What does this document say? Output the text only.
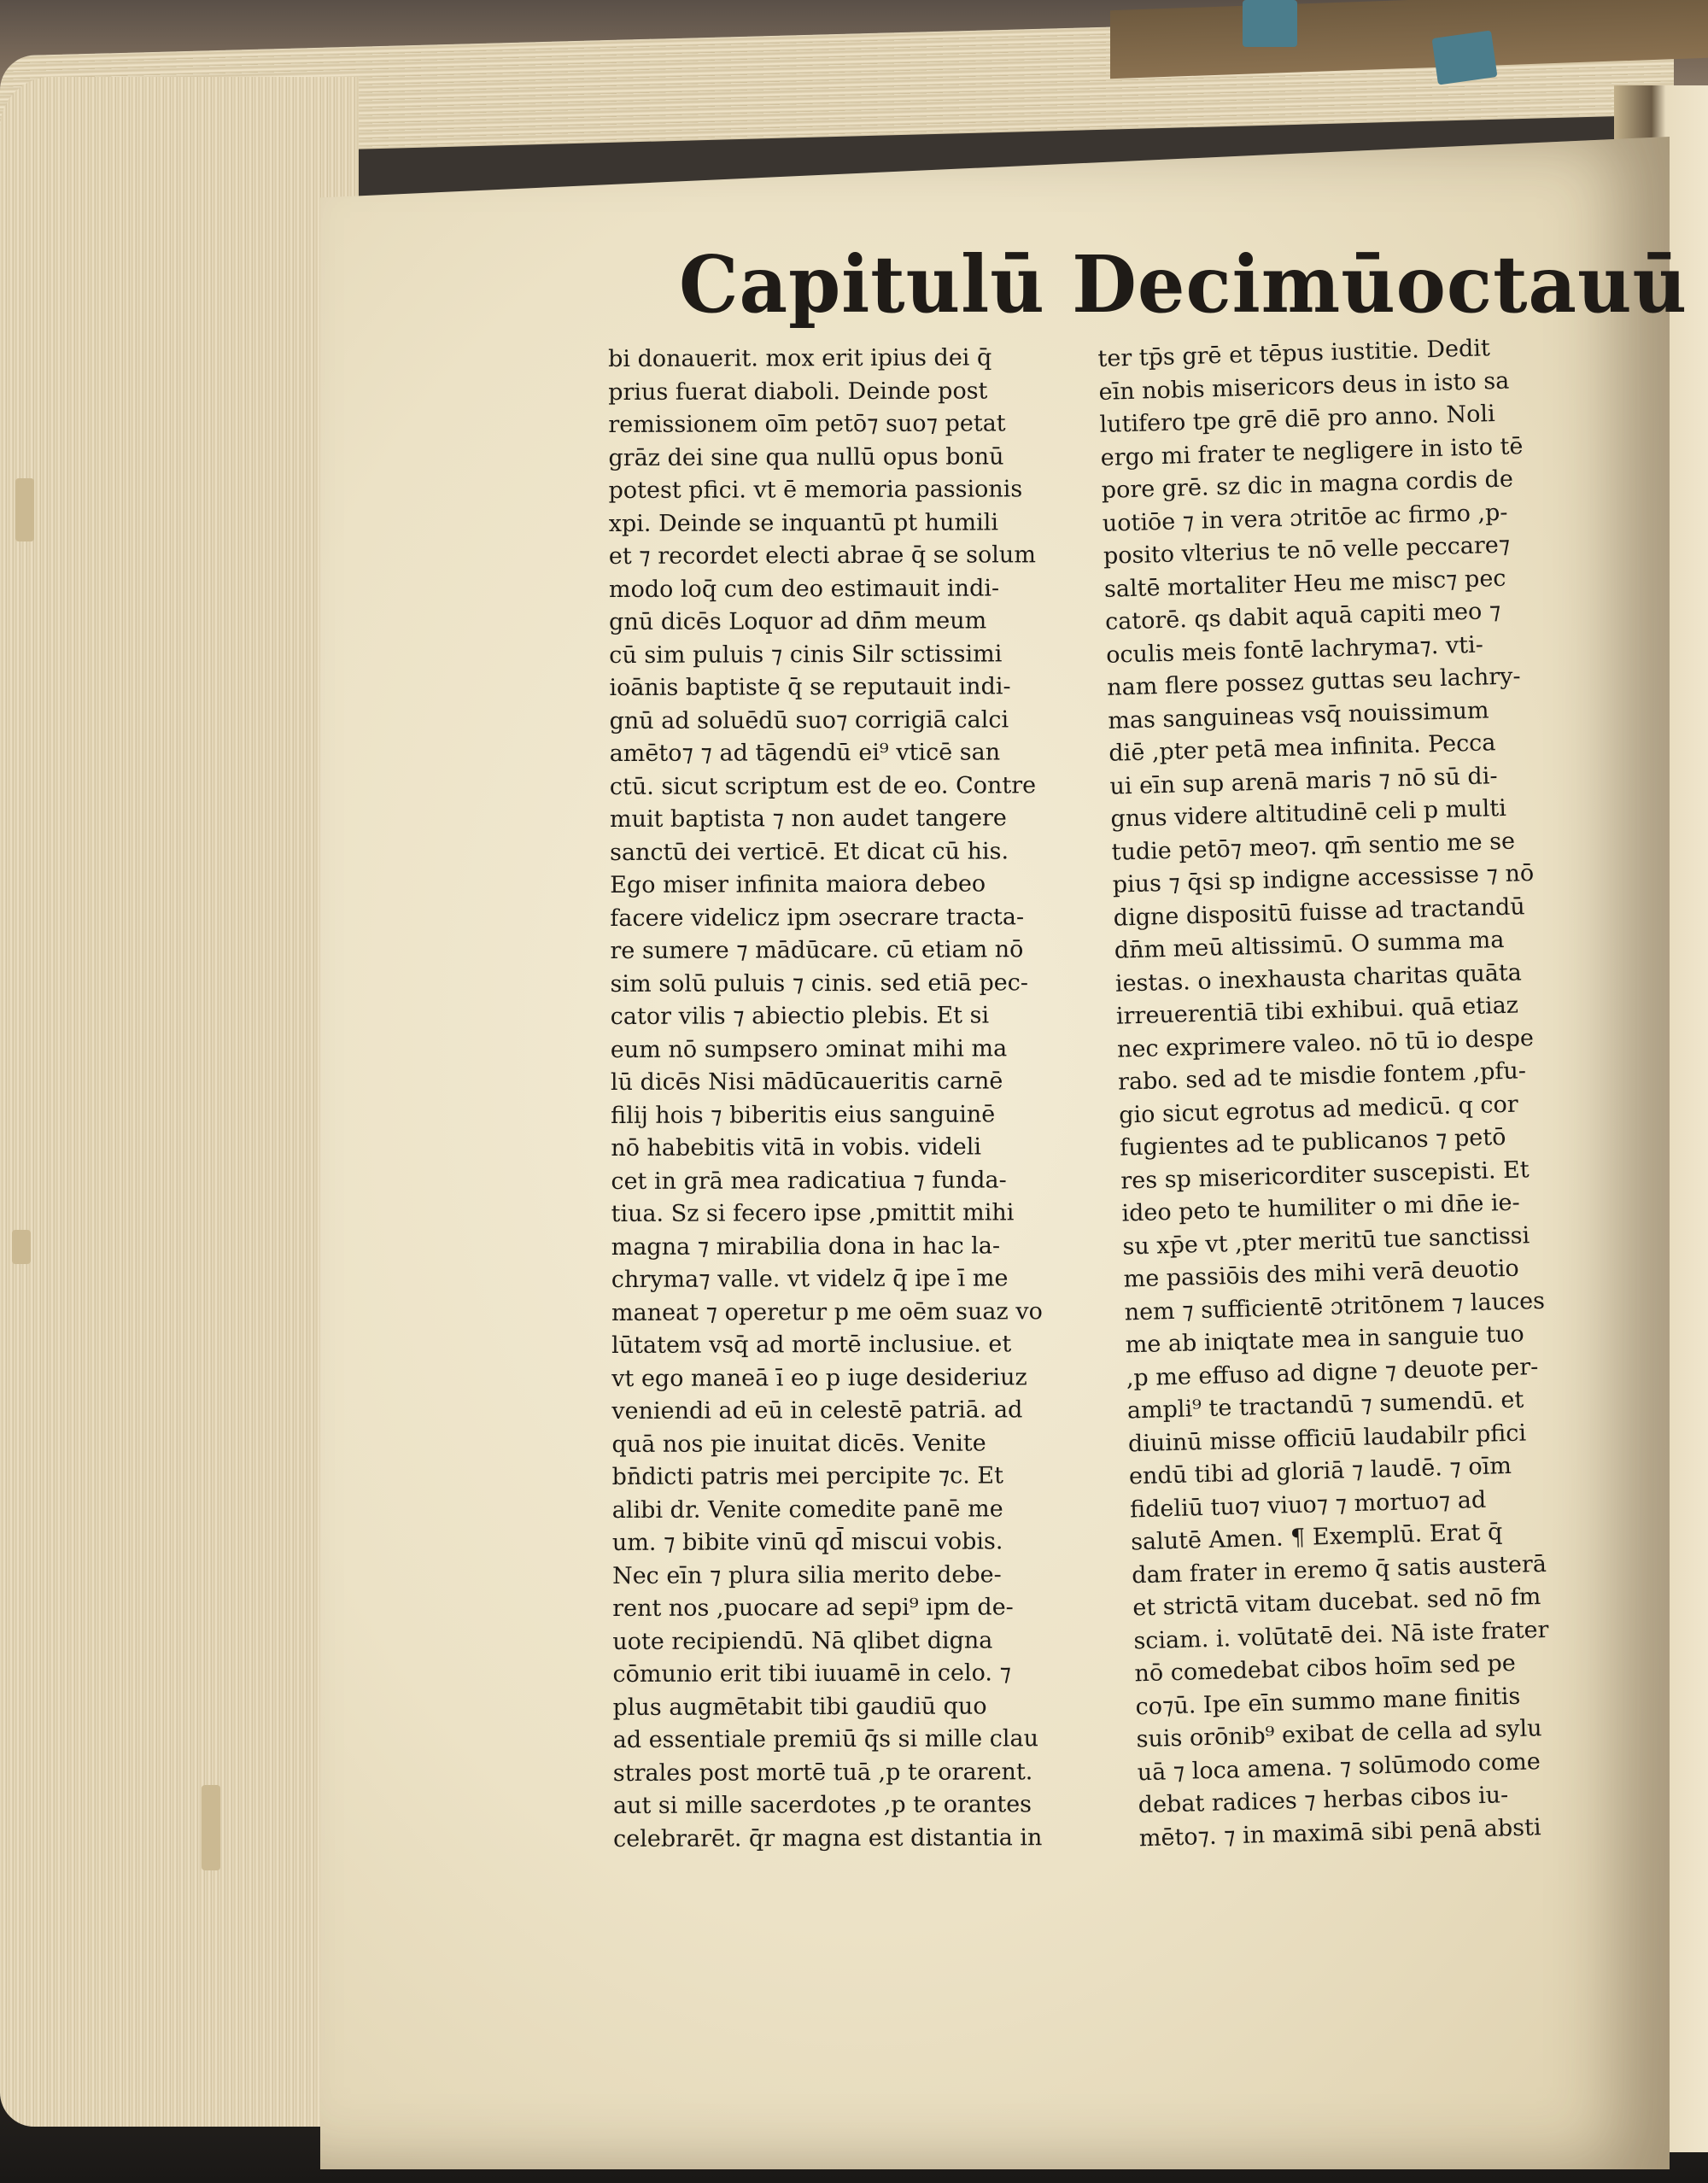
Capitulū Decimūoctauū
bi donauerit. mox erit ipius dei q̄
prius fuerat diaboli. Deinde post
remissionem oīm petō⁊ suo⁊ petat
grāz dei sine qua nullū opus bonū
potest pfici. vt ē memoria passionis
xpi. Deinde se inquantū pt humili
et ⁊ recordet electi abrae q̄ se solum
modo loq̄ cum deo estimauit indi-
gnū dicēs Loquor ad dn̄m meum
cū sim puluis ⁊ cinis Silr sctissimi
ioānis baptiste q̄ se reputauit indi-
gnū ad soluēdū suo⁊ corrigiā calci
amēto⁊ ⁊ ad tāgendū ei⁹ vticē san
ctū. sicut scriptum est de eo. Contre
muit baptista ⁊ non audet tangere
sanctū dei verticē. Et dicat cū his.
Ego miser infinita maiora debeo
facere videlicz ipm ɔsecrare tracta-
re sumere ⁊ mādūcare. cū etiam nō
sim solū puluis ⁊ cinis. sed etiā pec-
cator vilis ⁊ abiectio plebis. Et si
eum nō sumpsero ɔminat mihi ma
lū dicēs Nisi mādūcaueritis carnē
filij hois ⁊ biberitis eius sanguinē
nō habebitis vitā in vobis. videli
cet in grā mea radicatiua ⁊ funda-
tiua. Sz si fecero ipse ,pmittit mihi
magna ⁊ mirabilia dona in hac la-
chryma⁊ valle. vt videlz q̄ ipe ī me
maneat ⁊ operetur p me oēm suaz vo
lūtatem vsq̄ ad mortē inclusiue. et
vt ego maneā ī eo p iuge desideriuz
veniendi ad eū in celestē patriā. ad
quā nos pie inuitat dicēs. Venite
bn̄dicti patris mei percipite ⁊c. Et
alibi dr. Venite comedite panē me
um. ⁊ bibite vinū qd̄ miscui vobis.
Nec eīn ⁊ plura silia merito debe-
rent nos ,puocare ad sepi⁹ ipm de-
uote recipiendū. Nā qlibet digna
cōmunio erit tibi iuuamē in celo. ⁊
plus augmētabit tibi gaudiū quo
ad essentiale premiū q̄s si mille clau
strales post mortē tuā ,p te orarent.
aut si mille sacerdotes ,p te orantes
celebrarēt. q̄r magna est distantia in
ter tp̄s grē et tēpus iustitie. Dedit
eīn nobis misericors deus in isto sa
lutifero tpe grē diē pro anno. Noli
ergo mi frater te negligere in isto tē
pore grē. sz dic in magna cordis de
uotiōe ⁊ in vera ɔtritōe ac firmo ,p-
posito vlterius te nō velle peccare⁊
saltē mortaliter Heu me misc⁊ pec
catorē. qs dabit aquā capiti meo ⁊
oculis meis fontē lachryma⁊. vti-
nam flere possez guttas seu lachry-
mas sanguineas vsq̄ nouissimum
diē ,pter petā mea infinita. Pecca
ui eīn sup arenā maris ⁊ nō sū di-
gnus videre altitudinē celi p multi
tudie petō⁊ meo⁊. qm̄ sentio me se
pius ⁊ q̄si sp indigne accessisse ⁊ nō
digne dispositū fuisse ad tractandū
dn̄m meū altissimū. O summa ma
iestas. o inexhausta charitas quāta
irreuerentiā tibi exhibui. quā etiaz
nec exprimere valeo. nō tū io despe
rabo. sed ad te misdie fontem ,pfu-
gio sicut egrotus ad medicū. q cor
fugientes ad te publicanos ⁊ petō
res sp misericorditer suscepisti. Et
ideo peto te humiliter o mi dn̄e ie-
su xp̄e vt ,pter meritū tue sanctissi
me passiōis des mihi verā deuotio
nem ⁊ sufficientē ɔtritōnem ⁊ lauces
me ab iniqtate mea in sanguie tuo
,p me effuso ad digne ⁊ deuote per-
ampli⁹ te tractandū ⁊ sumendū. et
diuinū misse officiū laudabilr pfici
endū tibi ad gloriā ⁊ laudē. ⁊ oīm
fideliū tuo⁊ viuo⁊ ⁊ mortuo⁊ ad
salutē Amen. ¶ Exemplū. Erat q̄
dam frater in eremo q̄ satis austerā
et strictā vitam ducebat. sed nō fm
sciam. i. volūtatē dei. Nā iste frater
nō comedebat cibos hoīm sed pe
co⁊ū. Ipe eīn summo mane finitis
suis orōnib⁹ exibat de cella ad sylu
uā ⁊ loca amena. ⁊ solūmodo come
debat radices ⁊ herbas cibos iu-
mēto⁊. ⁊ in maximā sibi penā absti
